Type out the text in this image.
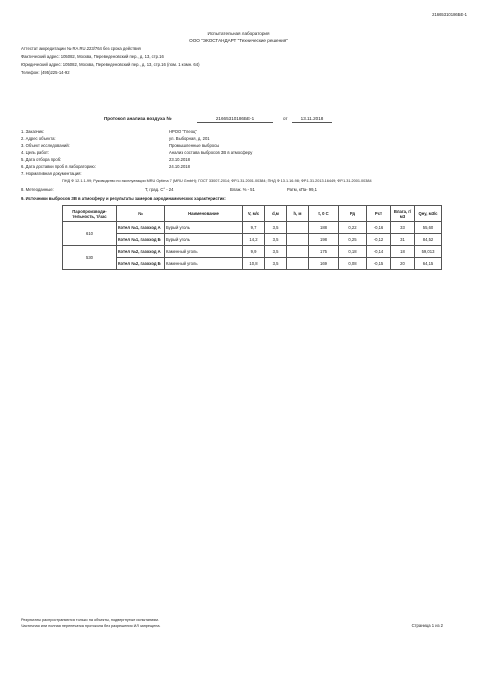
21665310186БЕ-1
Испытательная лаборатория
ООО "ЭКОСТАНДАРТ "Технические решения"
Аттестат аккредитации № RA.RU.223/764 без срока действия
Фактический адрес: 105082, Москва, Переведеновский пер., д. 13, стр.16
Юридический адрес: 105082, Москва, Переведеновский пер., д. 13, стр.16 (пом. 1 комн. 64)
Телефон: (495)225-14-92
Протокол анализа воздуха №	21665310186БЕ-1	от	13.11.2018
1. Заказчик:	НРОО "Глеоц"
2. Адрес объекта:	ул. Выборная, д. 201
3. Объект исследований:	Промышленные выбросы
4. Цель работ:	Анализ состава выбросов ЗВ в атмосферу
5. Дата отбора проб:	23.10.2018
6. Дата доставки проб в лабораторию:	24.10.2018
7. Нормативная документация:
ПНД Ф 12.1.1-99; Руководство по эксплуатации MRU Optima 7 (MRU GmbH); ГОСТ 33007-2014; ФР.1.31.2001.00384; ПНД Ф 13.1.16-98; ФР.1.31.2013.16449; ФР.1.31.2001.00384
8. Метеоданные:	Т, град. С° - 24	Влаж. % - 51	Ратм, кПа- 99,1
9. Источники выбросов ЗВ в атмосферу и результаты замеров аэродинамических характеристик:
Паропроизводи-тельность, т/час	№	Наименование	V, м/с	d,м	h, м	t, 0 С	Рд	Рст	Влага, г/м3	Qну, м3/с
610	Котел №1, газоход А	Бурый уголь	9,7	3,5		188	0,22	-0,16	33	55,60
	Котел №1, газоход Б	Бурый уголь	14,2	3,5		198	0,25	-0,12	31	84,52
530	Котел №2, газоход А	Каменный уголь	9,9	3,5		175	0,18	-0,14	18	59,013
	Котел №2, газоход Б	Каменный уголь	10,8	3,5		169	0,08	-0,15	20	64,15
Результаты распространяются только на объекты, подвергнутые испытаниям.
Частичная или полная перепечатка протокола без разрешения ИЛ запрещена.	Страница 1 из 2
